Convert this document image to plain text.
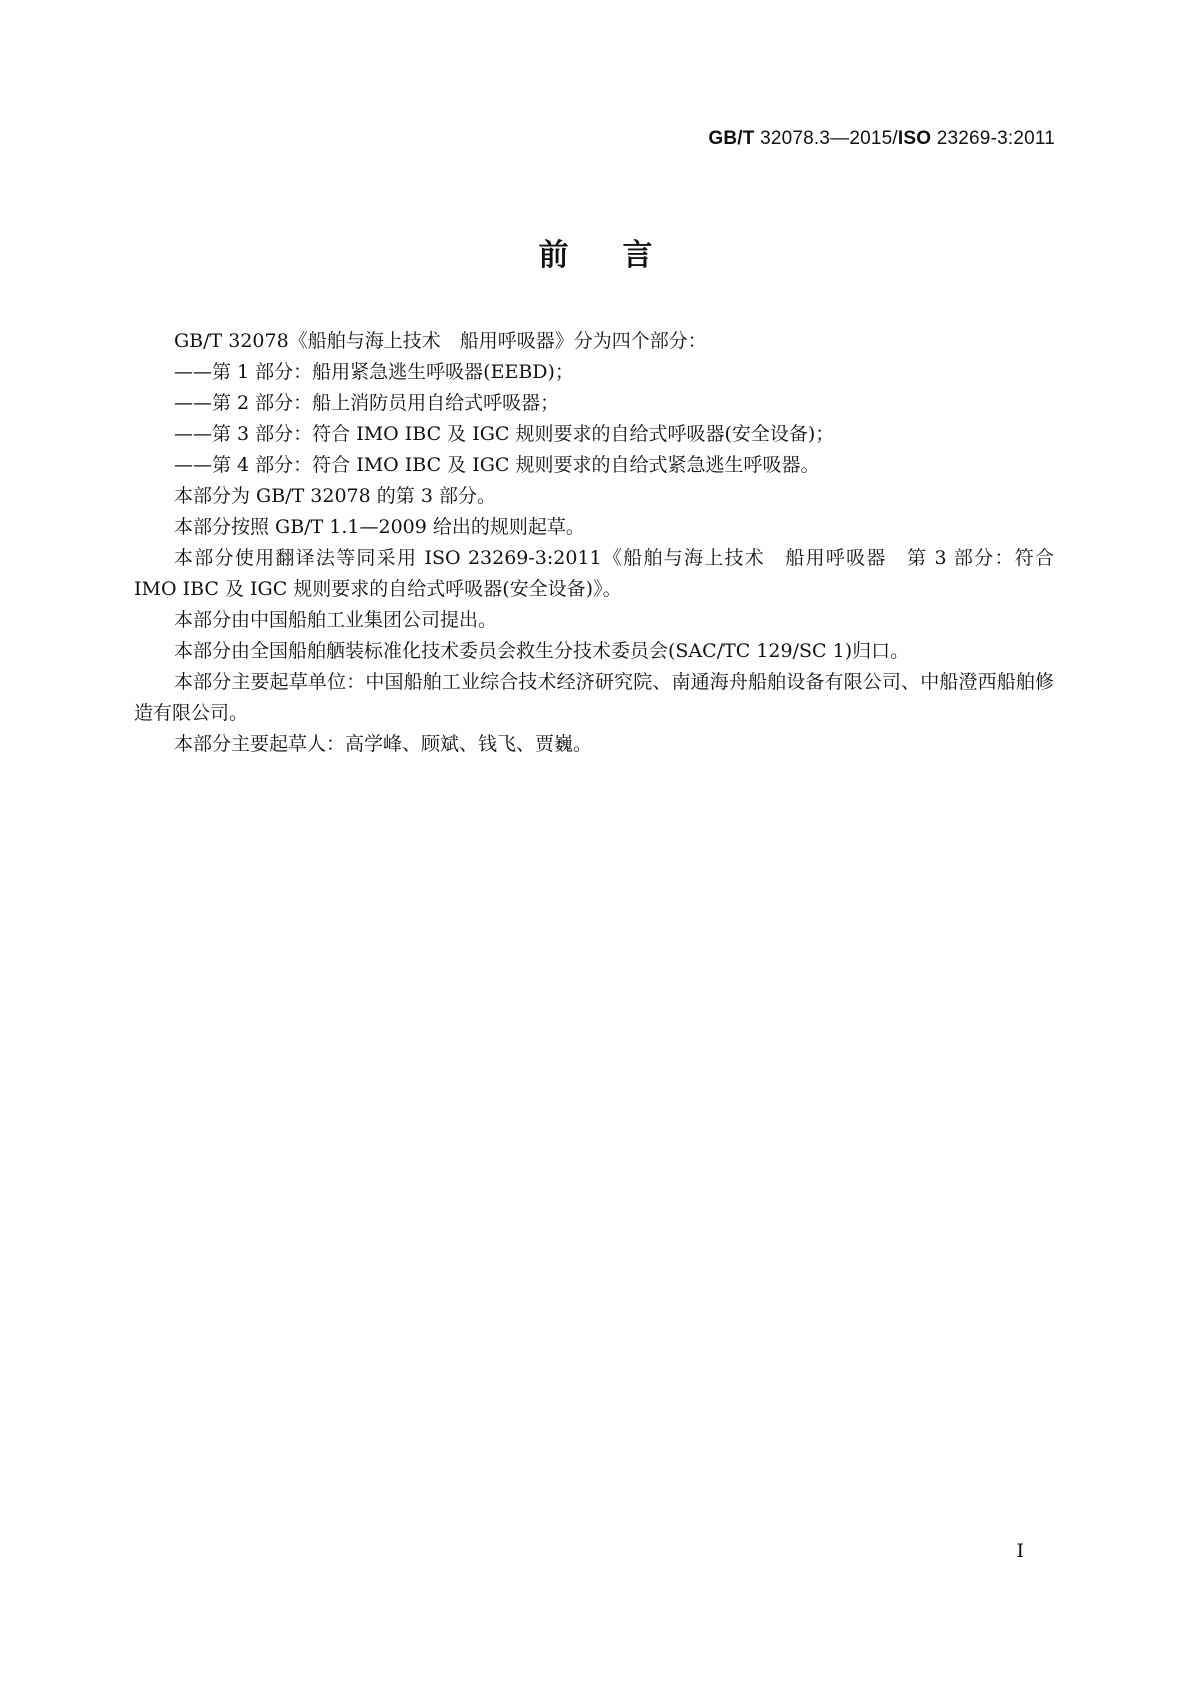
GB/T 32078.3—2015/ISO 23269-3:2011
前言

GB/T 32078《船舶与海上技术　船用呼吸器》分为四个部分：

——第 1 部分：船用紧急逃生呼吸器(EEBD)；

——第 2 部分：船上消防员用自给式呼吸器；

——第 3 部分：符合 IMO IBC 及 IGC 规则要求的自给式呼吸器(安全设备)；

——第 4 部分：符合 IMO IBC 及 IGC 规则要求的自给式紧急逃生呼吸器。

本部分为 GB/T 32078 的第 3 部分。

本部分按照 GB/T 1.1—2009 给出的规则起草。

本部分使用翻译法等同采用 ISO 23269-3:2011《船舶与海上技术　船用呼吸器　第 3 部分：符合 IMO IBC 及 IGC 规则要求的自给式呼吸器(安全设备)》。

本部分由中国船舶工业集团公司提出。

本部分由全国船舶舾装标准化技术委员会救生分技术委员会(SAC/TC 129/SC 1)归口。

本部分主要起草单位：中国船舶工业综合技术经济研究院、南通海舟船舶设备有限公司、中船澄西船舶修造有限公司。

本部分主要起草人：高学峰、顾斌、钱飞、贾巍。

I
